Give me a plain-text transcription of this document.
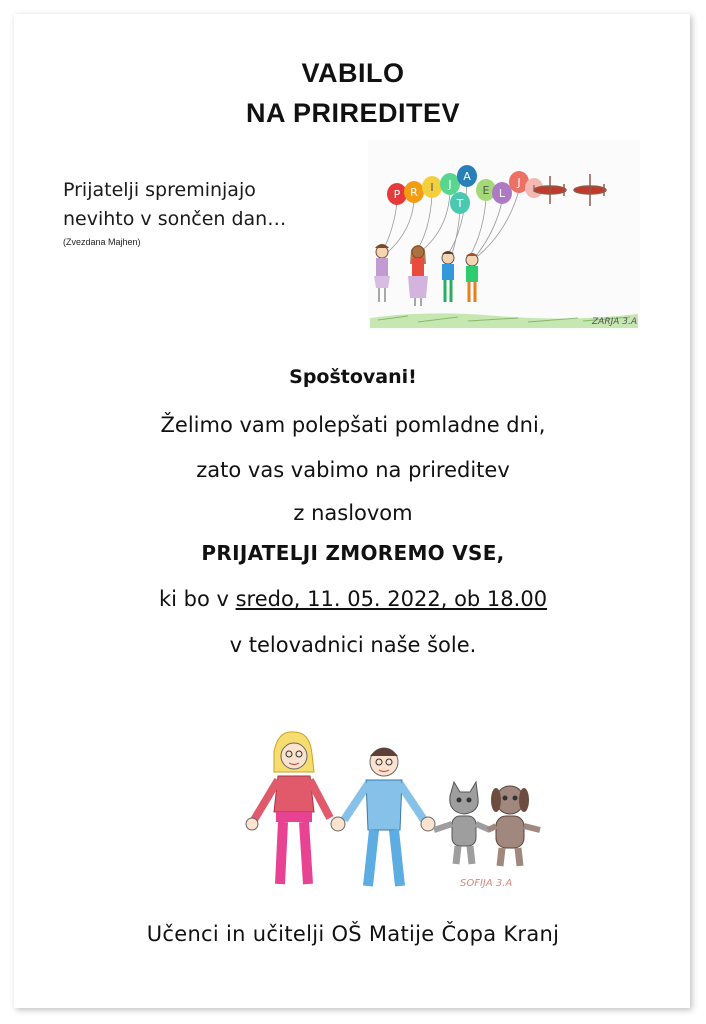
VABILO
NA PRIREDITEV
Prijatelji spreminjajo
nevihto v sončen dan…
(Zvezdana Majhen)
P R I J
A
T
E L
J
ZARJA 3.A
Spoštovani!
Želimo vam polepšati pomladne dni,
zato vas vabimo na prireditev
z naslovom
PRIJATELJI ZMOREMO VSE,
ki bo v sredo, 11. 05. 2022, ob 18.00
v telovadnici naše šole.
SOFIJA 3.A
Učenci in učitelji OŠ Matije Čopa Kranj
